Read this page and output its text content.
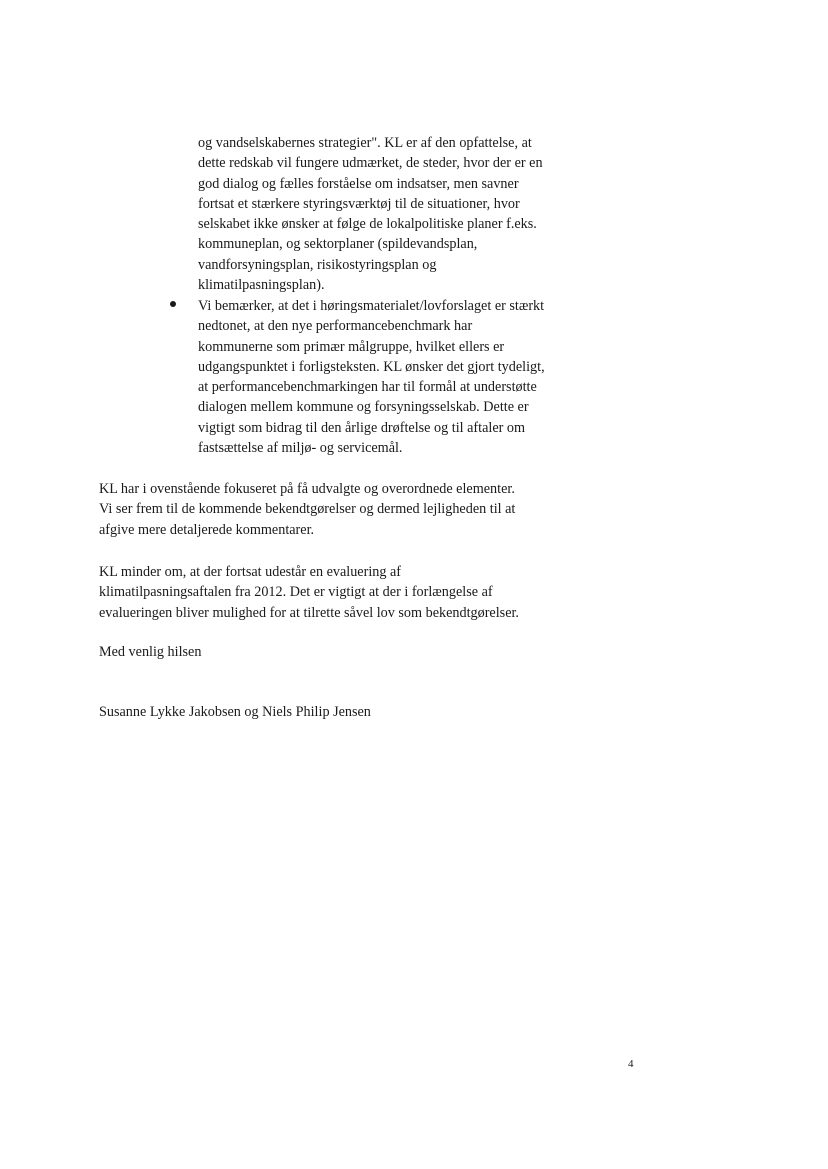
og vandselskabernes strategier". KL er af den opfattelse, at
dette redskab vil fungere udmærket, de steder, hvor der er en
god dialog og fælles forståelse om indsatser, men savner
fortsat et stærkere styringsværktøj til de situationer, hvor
selskabet ikke ønsker at følge de lokalpolitiske planer f.eks.
kommuneplan, og sektorplaner (spildevandsplan,
vandforsyningsplan, risikostyringsplan og
klimatilpasningsplan).
Vi bemærker, at det i høringsmaterialet/lovforslaget er stærkt
nedtonet, at den nye performancebenchmark har
kommunerne som primær målgruppe, hvilket ellers er
udgangspunktet i forligsteksten. KL ønsker det gjort tydeligt,
at performancebenchmarkingen har til formål at understøtte
dialogen mellem kommune og forsyningsselskab. Dette er
vigtigt som bidrag til den årlige drøftelse og til aftaler om
fastsættelse af miljø- og servicemål.
KL har i ovenstående fokuseret på få udvalgte og overordnede elementer.
Vi ser frem til de kommende bekendtgørelser og dermed lejligheden til at
afgive mere detaljerede kommentarer.
KL minder om, at der fortsat udestår en evaluering af
klimatilpasningsaftalen fra 2012. Det er vigtigt at der i forlængelse af
evalueringen bliver mulighed for at tilrette såvel lov som bekendtgørelser.
Med venlig hilsen
Susanne Lykke Jakobsen og Niels Philip Jensen
4
